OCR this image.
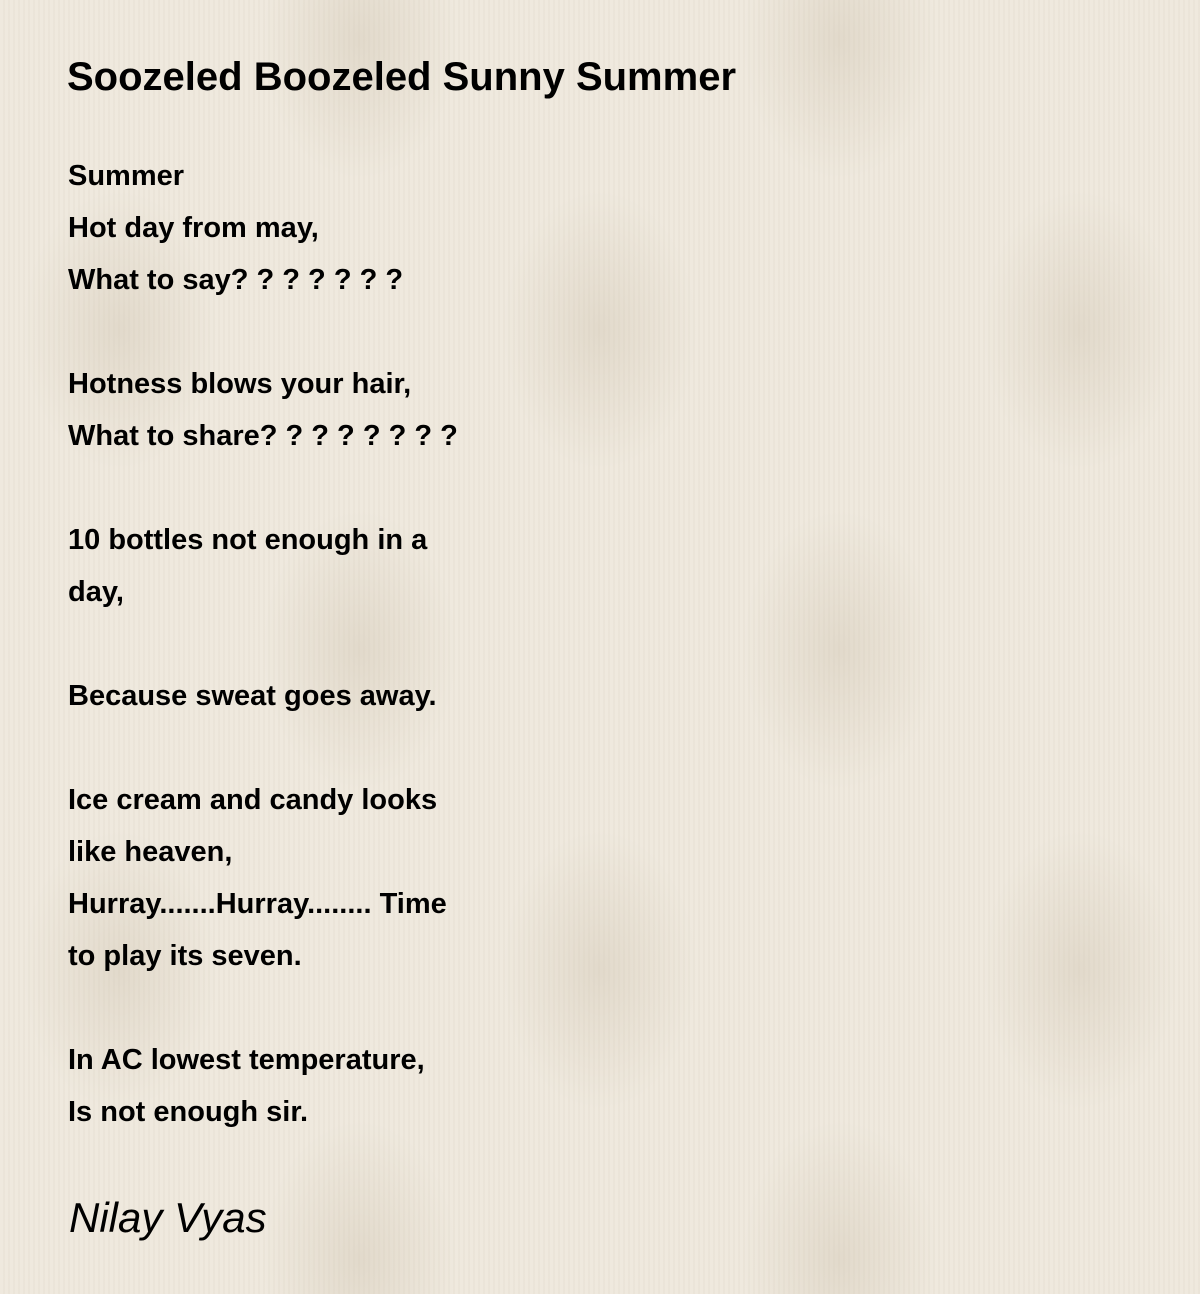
Soozeled Boozeled Sunny Summer
Summer
Hot day from may,
What to say? ? ? ? ? ? ?
Hotness blows your hair,
What to share? ? ? ? ? ? ? ?
10 bottles not enough in a
day,
Because sweat goes away.
Ice cream and candy looks
like heaven,
Hurray.......Hurray........ Time
to play its seven.
In AC lowest temperature,
Is not enough sir.
Nilay Vyas
